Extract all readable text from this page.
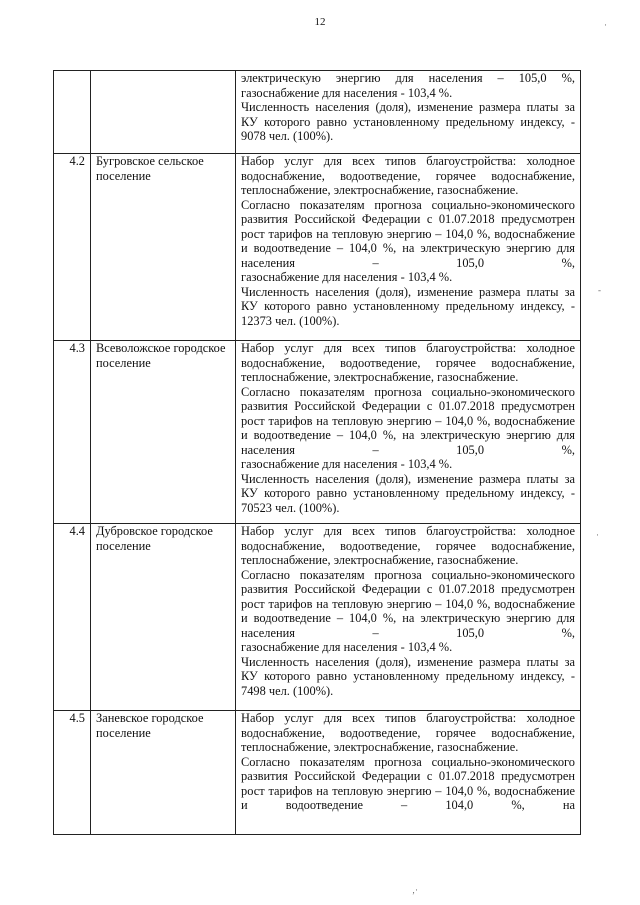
12

		электрическую энергию для населения – 105,0 %,
газоснабжение для населения - 103,4 %.
Численность населения (доля), изменение размера платы за КУ которого равно установленному предельному индексу, - 9078 чел. (100%).

4.2	Бугровское сельское поселение	Набор услуг для всех типов благоустройства: холодное водоснабжение, водоотведение, горячее водоснабжение, теплоснабжение, электроснабжение, газоснабжение.
Согласно показателям прогноза социально-экономического развития Российской Федерации с 01.07.2018 предусмотрен рост тарифов на тепловую энергию – 104,0 %, водоснабжение и водоотведение – 104,0 %, на электрическую энергию для населения – 105,0 %,
газоснабжение для населения - 103,4 %.
Численность населения (доля), изменение размера платы за КУ которого равно установленному предельному индексу, - 12373 чел. (100%).

4.3	Всеволожское городское поселение	Набор услуг для всех типов благоустройства: холодное водоснабжение, водоотведение, горячее водоснабжение, теплоснабжение, электроснабжение, газоснабжение.
Согласно показателям прогноза социально-экономического развития Российской Федерации с 01.07.2018 предусмотрен рост тарифов на тепловую энергию – 104,0 %, водоснабжение и водоотведение – 104,0 %, на электрическую энергию для населения – 105,0 %,
газоснабжение для населения - 103,4 %.
Численность населения (доля), изменение размера платы за КУ которого равно установленному предельному индексу, - 70523 чел. (100%).

4.4	Дубровское городское поселение	Набор услуг для всех типов благоустройства: холодное водоснабжение, водоотведение, горячее водоснабжение, теплоснабжение, электроснабжение, газоснабжение.
Согласно показателям прогноза социально-экономического развития Российской Федерации с 01.07.2018 предусмотрен рост тарифов на тепловую энергию – 104,0 %, водоснабжение и водоотведение – 104,0 %, на электрическую энергию для населения – 105,0 %,
газоснабжение для населения - 103,4 %.
Численность населения (доля), изменение размера платы за КУ которого равно установленному предельному индексу, - 7498 чел. (100%).

4.5	Заневское городское поселение	Набор услуг для всех типов благоустройства: холодное водоснабжение, водоотведение, горячее водоснабжение, теплоснабжение, электроснабжение, газоснабжение.
Согласно показателям прогноза социально-экономического развития Российской Федерации с 01.07.2018 предусмотрен рост тарифов на тепловую энергию – 104,0 %, водоснабжение и водоотведение – 104,0 %, на
·
-
·
‚·
